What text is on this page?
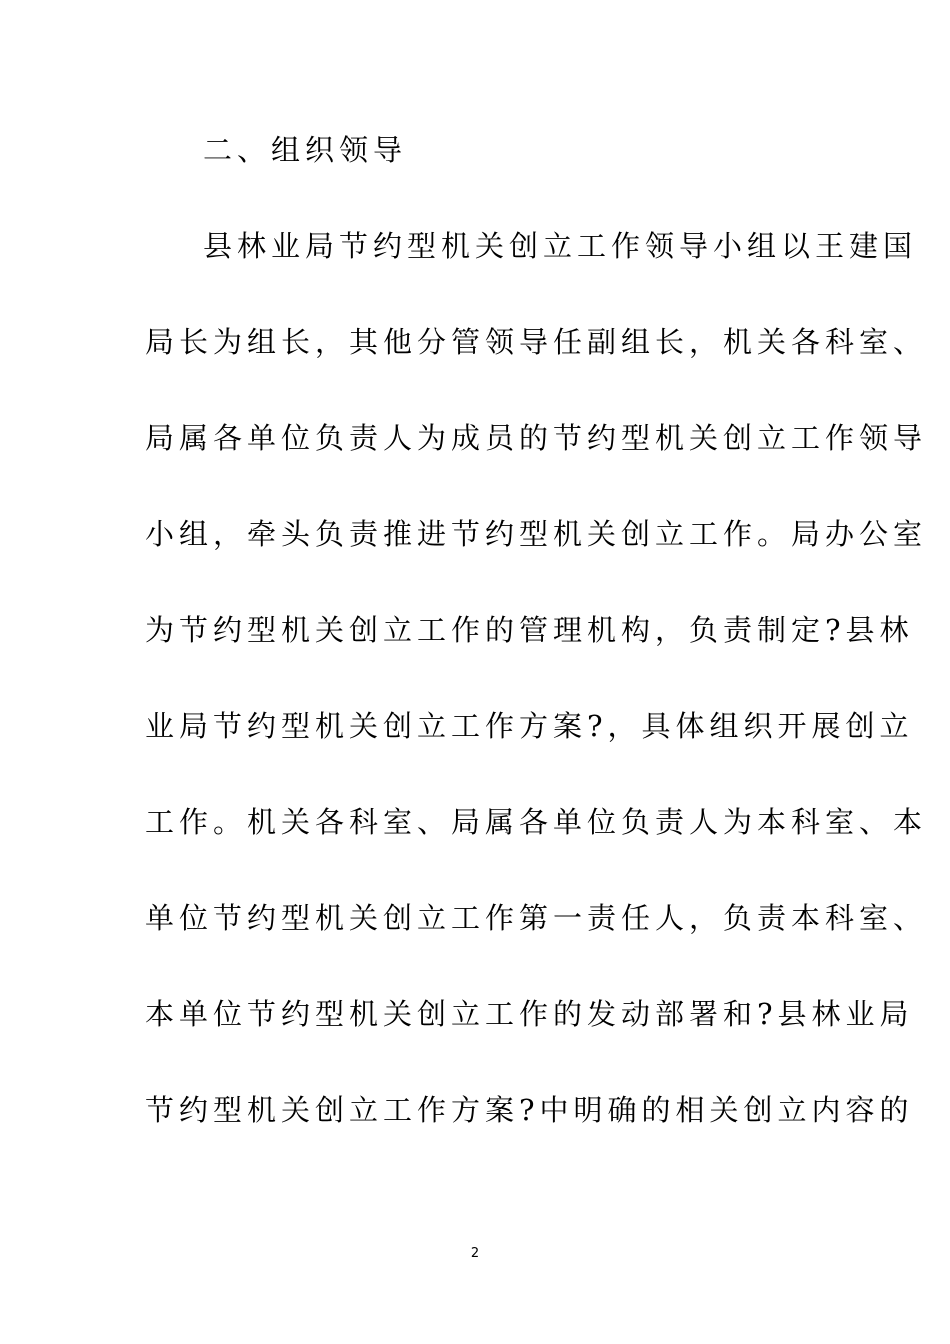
二、组织领导
县林业局节约型机关创立工作领导小组以王建国
局长为组长，其他分管领导任副组长，机关各科室、
局属各单位负责人为成员的节约型机关创立工作领导
小组，牵头负责推进节约型机关创立工作。局办公室
为节约型机关创立工作的管理机构，负责制定?县林
业局节约型机关创立工作方案?，具体组织开展创立
工作。机关各科室、局属各单位负责人为本科室、本
单位节约型机关创立工作第一责任人，负责本科室、
本单位节约型机关创立工作的发动部署和?县林业局
节约型机关创立工作方案?中明确的相关创立内容的
2
